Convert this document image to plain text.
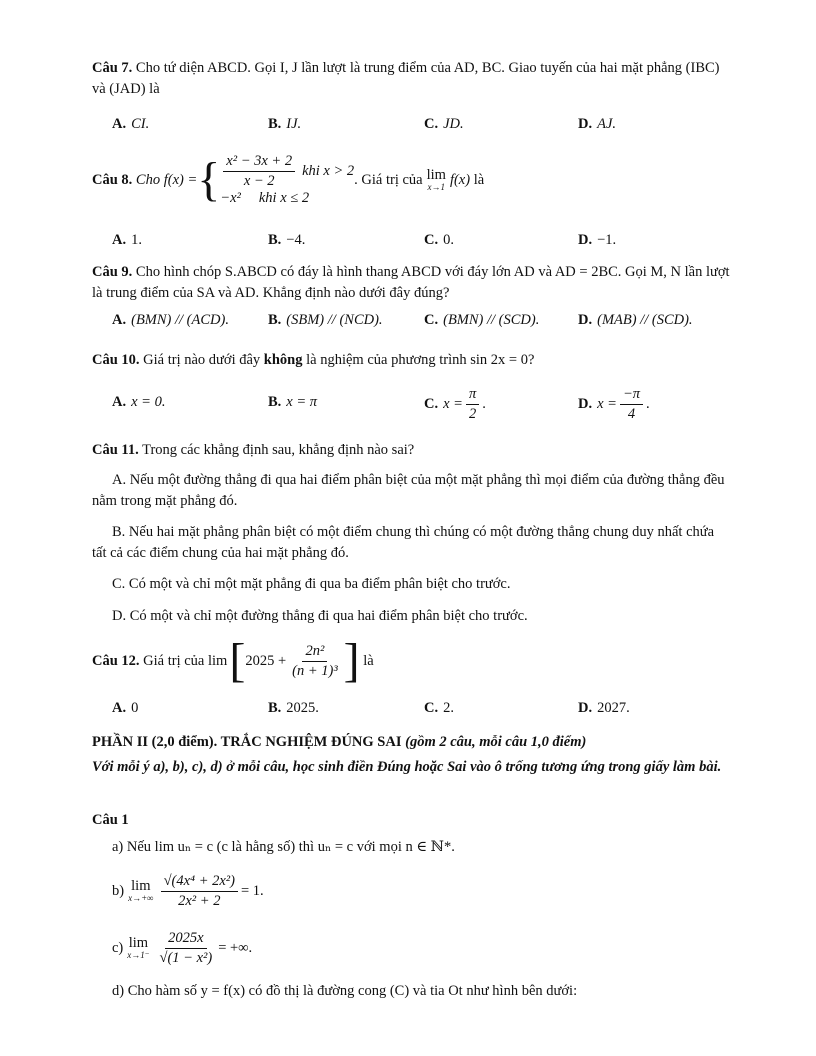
Câu 7. Cho tứ diện ABCD. Gọi I, J lần lượt là trung điểm của AD, BC. Giao tuyến của hai mặt phẳng (IBC) và (JAD) là
A. CI.	B. IJ.	C. JD.	D. AJ.
Câu 8.
Cho f(x) = { $\frac{\text{x² − 3x + 2}}{x - 2}$ khi x > 2
−x² khi x ≤ 2
. Giá trị của lim
x→1 f(x)
là
A. 1.	B. −4.	C. 0.	D. −1.
Câu 9. Cho hình chóp S.ABCD có đáy là hình thang ABCD với đáy lớn AD và AD = 2BC. Gọi M, N lần lượt là trung điểm của SA và AD. Khẳng định nào dưới đây đúng?
A. (BMN) // (ACD).	B. (SBM) // (NCD).	C. (BMN) // (SCD).	D. (MAB) // (SCD).
Câu 10. Giá trị nào dưới đây không là nghiệm của phương trình sin 2x = 0?
A. x = 0.	B. x = π	C. $x = \frac{\pi}{2}$ .	D. $x = \frac{-\pi}{4}$ .
Câu 11. Trong các khẳng định sau, khẳng định nào sai?
A. Nếu một đường thẳng đi qua hai điểm phân biệt của một mặt phẳng thì mọi điểm của đường thẳng đều nằm trong mặt phẳng đó.
B. Nếu hai mặt phẳng phân biệt có một điểm chung thì chúng có một đường thẳng chung duy nhất chứa tất cả các điểm chung của hai mặt phẳng đó.
C. Có một và chỉ một mặt phẳng đi qua ba điểm phân biệt cho trước.
D. Có một và chỉ một đường thẳng đi qua hai điểm phân biệt cho trước.
Câu 12.
Giá trị của lim [ $2025 + \frac{\text{2n²}}{\text{(n + 1)³}}$ ]
là
A. 0	B. 2025.	C. 2.	D. 2027.
PHẦN II (2,0 điểm). TRẮC NGHIỆM ĐÚNG SAI (gồm 2 câu, mỗi câu 1,0 điểm)
Với mỗi ý a), b), c), d) ở mỗi câu, học sinh điền Đúng hoặc Sai vào ô trống tương ứng trong giấy làm bài.
Câu 1
a) Nếu lim uₙ = c (c là hằng số) thì uₙ = c với mọi n ∈ ℕ*.
b) lim
$x\to+\infty \frac{\text{√(4x⁴ + 2x²)}}{\text{2x² + 2}} = 1$.
c) lim
$x\to 1^- \frac{2025x}{\text{√(1 − x²)}}$ = +∞.
d) Cho hàm số y = f(x) có đồ thị là đường cong (C) và tia Ot như hình bên dưới:
